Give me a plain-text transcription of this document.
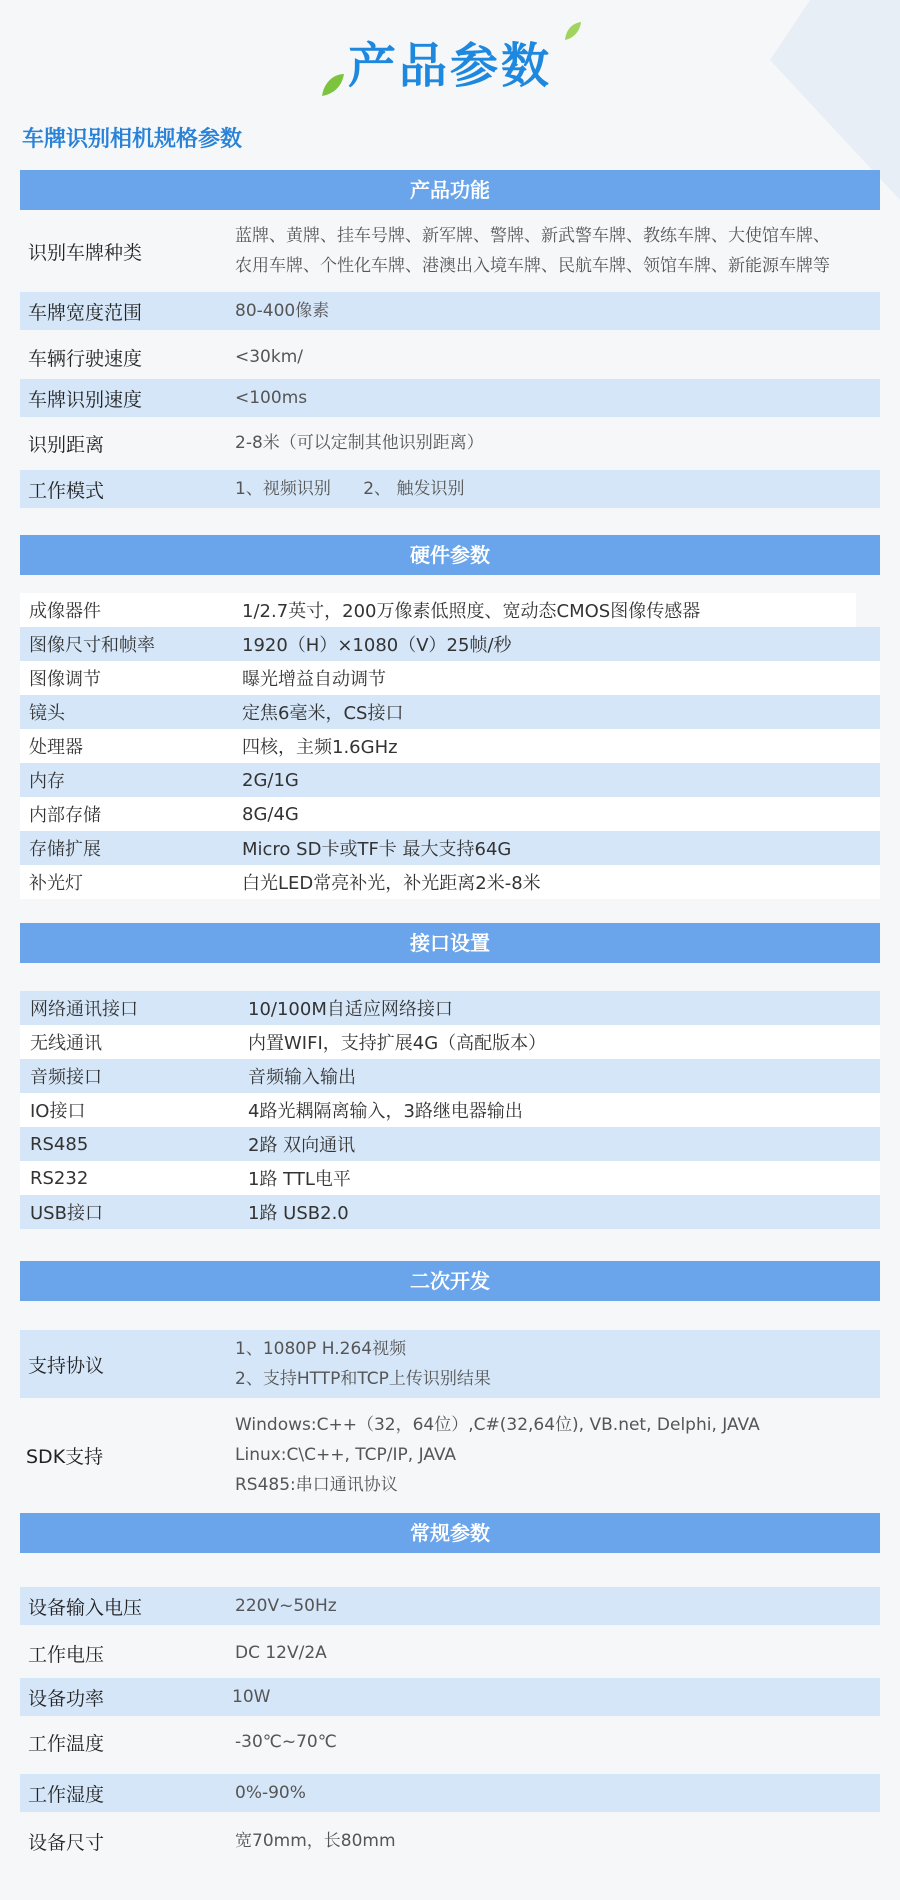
产品参数
车牌识别相机规格参数
产品功能
识别车牌种类
蓝牌、黄牌、挂车号牌、新军牌、警牌、新武警车牌、教练车牌、大使馆车牌、
农用车牌、个性化车牌、港澳出入境车牌、民航车牌、领馆车牌、新能源车牌等
车牌宽度范围	80-400像素
车辆行驶速度	<30km/
车牌识别速度	<100ms
识别距离	2-8米（可以定制其他识别距离）
工作模式	1、视频识别      2、 触发识别
硬件参数
成像器件	1/2.7英寸，200万像素低照度、宽动态CMOS图像传感器
图像尺寸和帧率	1920（H）×1080（V）25帧/秒
图像调节	曝光增益自动调节
镜头	定焦6毫米，CS接口
处理器	四核，主频1.6GHz
内存	2G/1G
内部存储	8G/4G
存储扩展	Micro SD卡或TF卡 最大支持64G
补光灯	白光LED常亮补光，补光距离2米-8米
接口设置
网络通讯接口	10/100M自适应网络接口
无线通讯	内置WIFI，支持扩展4G（高配版本）
音频接口	音频输入输出
IO接口	4路光耦隔离输入，3路继电器输出
RS485	2路 双向通讯
RS232	1路 TTL电平
USB接口	1路 USB2.0
二次开发
支持协议
1、1080P H.264视频
2、支持HTTP和TCP上传识别结果
SDK支持
Windows:C++（32，64位）,C#(32,64位), VB.net, Delphi, JAVA
Linux:C\C++, TCP/IP, JAVA
RS485:串口通讯协议
常规参数
设备输入电压	220V~50Hz
工作电压	DC 12V/2A
设备功率	10W
工作温度	-30℃~70℃
工作湿度	0%-90%
设备尺寸	宽70mm，长80mm
